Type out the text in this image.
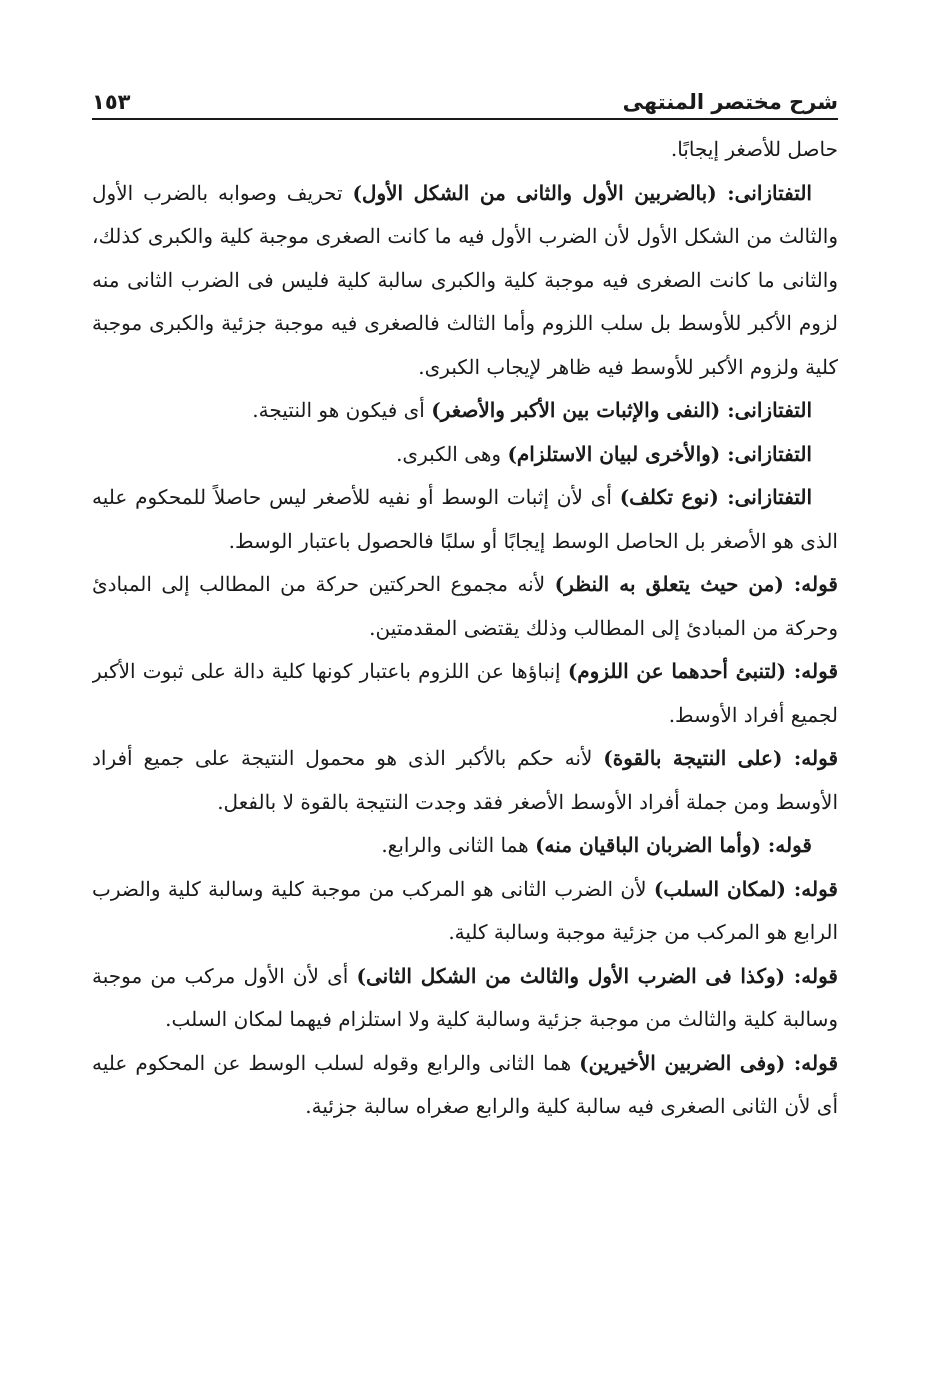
شرح مختصر المنتهى
١٥٣

حاصل للأصغر إيجابًا.

التفتازانى: (بالضربين الأول والثانى من الشكل الأول) تحريف وصوابه بالضرب الأول والثالث من الشكل الأول لأن الضرب الأول فيه ما كانت الصغرى موجبة كلية والكبرى كذلك، والثانى ما كانت الصغرى فيه موجبة كلية والكبرى سالبة كلية فليس فى الضرب الثانى منه لزوم الأكبر للأوسط بل سلب اللزوم وأما الثالث فالصغرى فيه موجبة جزئية والكبرى موجبة كلية ولزوم الأكبر للأوسط فيه ظاهر لإيجاب الكبرى.

التفتازانى: (النفى والإثبات بين الأكبر والأصغر) أى فيكون هو النتيجة.

التفتازانى: (والأخرى لبيان الاستلزام) وهى الكبرى.

التفتازانى: (نوع تكلف) أى لأن إثبات الوسط أو نفيه للأصغر ليس حاصلاً للمحكوم عليه الذى هو الأصغر بل الحاصل الوسط إيجابًا أو سلبًا فالحصول باعتبار الوسط.

قوله: (من حيث يتعلق به النظر) لأنه مجموع الحركتين حركة من المطالب إلى المبادئ وحركة من المبادئ إلى المطالب وذلك يقتضى المقدمتين.

قوله: (لتنبئ أحدهما عن اللزوم) إنباؤها عن اللزوم باعتبار كونها كلية دالة على ثبوت الأكبر لجميع أفراد الأوسط.

قوله: (على النتيجة بالقوة) لأنه حكم بالأكبر الذى هو محمول النتيجة على جميع أفراد الأوسط ومن جملة أفراد الأوسط الأصغر فقد وجدت النتيجة بالقوة لا بالفعل.

قوله: (وأما الضربان الباقيان منه) هما الثانى والرابع.

قوله: (لمكان السلب) لأن الضرب الثانى هو المركب من موجبة كلية وسالبة كلية والضرب الرابع هو المركب من جزئية موجبة وسالبة كلية.

قوله: (وكذا فى الضرب الأول والثالث من الشكل الثانى) أى لأن الأول مركب من موجبة وسالبة كلية والثالث من موجبة جزئية وسالبة كلية ولا استلزام فيهما لمكان السلب.

قوله: (وفى الضربين الأخيرين) هما الثانى والرابع وقوله لسلب الوسط عن المحكوم عليه أى لأن الثانى الصغرى فيه سالبة كلية والرابع صغراه سالبة جزئية.
